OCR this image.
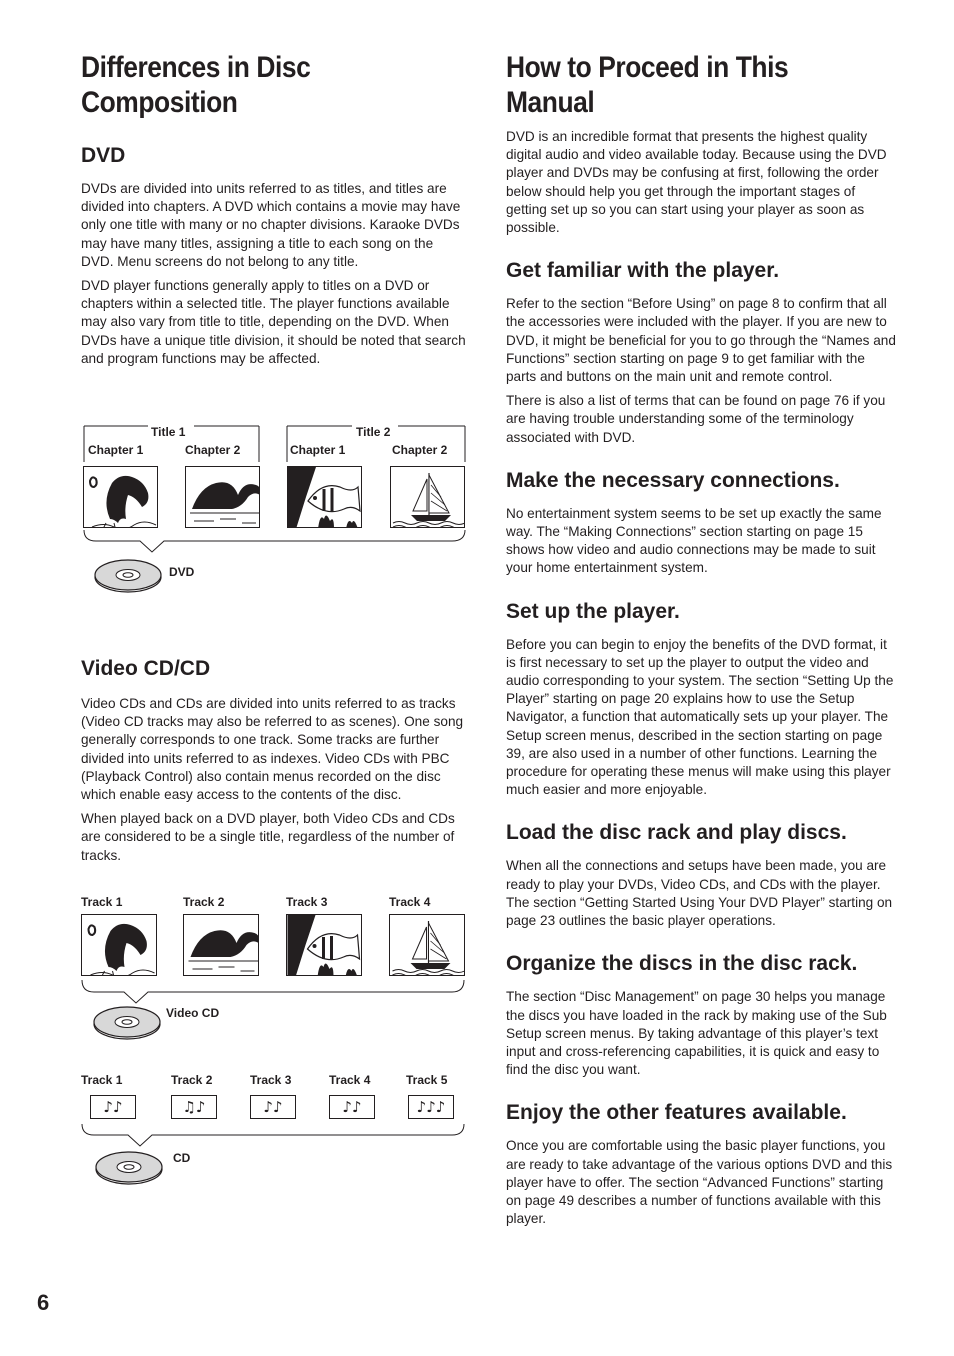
Differences in Disc
Composition
DVD

DVDs are divided into units referred to as titles, and titles are divided into chapters. A DVD which contains a movie may have only one title with many or no chapter divisions. Karaoke DVDs may have many titles, assigning a title to each song on the DVD. Menu screens do not belong to any title.

DVD player functions generally apply to titles on a DVD or chapters within a selected title. The player functions available may also vary from title to title, depending on the DVD. When DVDs have a unique title division, it should be noted that search and program functions may be affected.

Title 1	Title 2
Chapter 1	Chapter 2	Chapter 1	Chapter 2
DVD
Video CD/CD

Video CDs and CDs are divided into units referred to as tracks (Video CD tracks may also be referred to as scenes). One song generally corresponds to one track. Some tracks are further divided into units referred to as indexes. Video CDs with PBC (Playback Control) also contain menus recorded on the disc which enable easy access to the contents of the disc.

When played back on a DVD player, both Video CDs and CDs are considered to be a single title, regardless of the number of tracks.

Track 1	Track 2	Track 3	Track 4
Video CD
Track 1	Track 2	Track 3	Track 4	Track 5
♪♪	♫♪	♪♪	♪♪	♪♪♪
CD
How to Proceed in This
Manual

DVD is an incredible format that presents the highest quality digital audio and video available today. Because using the DVD player and DVDs may be confusing at first, following the order below should help you get through the important stages of getting set up so you can start using your player as soon as possible.

Get familiar with the player.

Refer to the section “Before Using” on page 8 to confirm that all the accessories were included with the player. If you are new to DVD, it might be beneficial for you to go through the “Names and Functions” section starting on page 9 to get familiar with the parts and buttons on the main unit and remote control.

There is also a list of terms that can be found on page 76 if you are having trouble understanding some of the terminology associated with DVD.

Make the necessary connections.

No entertainment system seems to be set up exactly the same way. The “Making Connections” section starting on page 15 shows how video and audio connections may be made to suit your home entertainment system.

Set up the player.

Before you can begin to enjoy the benefits of the DVD format, it is first necessary to set up the player to output the video and audio corresponding to your system. The section “Setting Up the Player” starting on page 20 explains how to use the Setup Navigator, a function that automatically sets up your player. The Setup screen menus, described in the section starting on page 39, are also used in a number of other functions. Learning the procedure for operating these menus will make using this player much easier and more enjoyable.

Load the disc rack and play discs.

When all the connections and setups have been made, you are ready to play your DVDs, Video CDs, and CDs with the player. The section “Getting Started Using Your DVD Player” starting on page 23 outlines the basic player operations.

Organize the discs in the disc rack.

The section “Disc Management” on page 30 helps you manage the discs you have loaded in the rack by making use of the Sub Setup screen menus. By taking advantage of this player’s text input and cross-referencing capabilities, it is quick and easy to find the disc you want.

Enjoy the other features available.

Once you are comfortable using the basic player functions, you are ready to take advantage of the various options DVD and this player have to offer. The section “Advanced Functions” starting on page 49 describes a number of functions available with this player.

6
